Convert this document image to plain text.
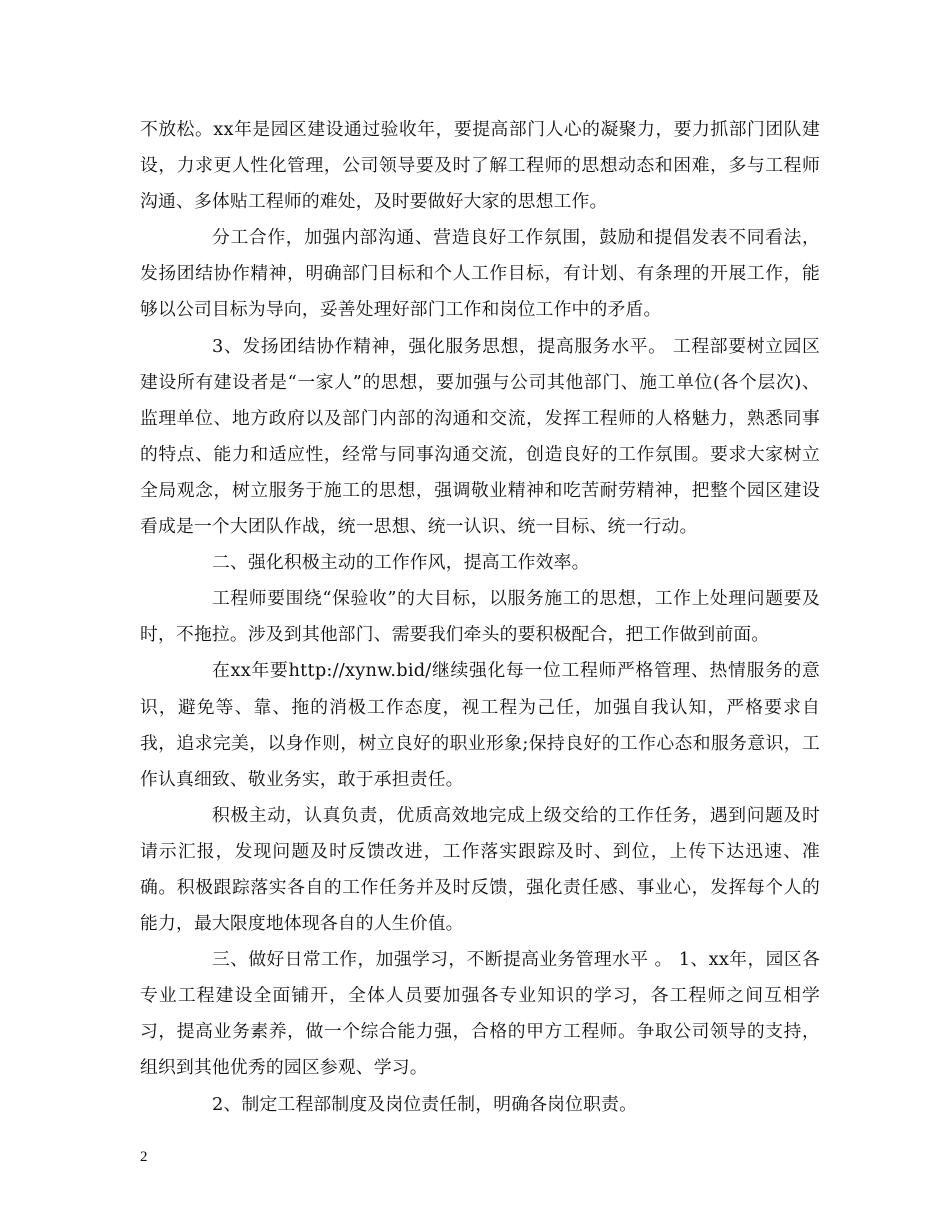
不放松。xx年是园区建设通过验收年，要提高部门人心的凝聚力，要力抓部门团队建设，力求更人性化管理，公司领导要及时了解工程师的思想动态和困难，多与工程师沟通、多体贴工程师的难处，及时要做好大家的思想工作。

分工合作，加强内部沟通、营造良好工作氛围，鼓励和提倡发表不同看法，发扬团结协作精神，明确部门目标和个人工作目标，有计划、有条理的开展工作，能够以公司目标为导向，妥善处理好部门工作和岗位工作中的矛盾。

3、发扬团结协作精神，强化服务思想，提高服务水平。 工程部要树立园区建设所有建设者是“一家人”的思想，要加强与公司其他部门、施工单位(各个层次)、监理单位、地方政府以及部门内部的沟通和交流，发挥工程师的人格魅力，熟悉同事的特点、能力和适应性，经常与同事沟通交流，创造良好的工作氛围。要求大家树立全局观念，树立服务于施工的思想，强调敬业精神和吃苦耐劳精神，把整个园区建设看成是一个大团队作战，统一思想、统一认识、统一目标、统一行动。

二、强化积极主动的工作作风，提高工作效率。

工程师要围绕“保验收”的大目标，以服务施工的思想，工作上处理问题要及时，不拖拉。涉及到其他部门、需要我们牵头的要积极配合，把工作做到前面。

在xx年要http://xynw.bid/继续强化每一位工程师严格管理、热情服务的意识，避免等、靠、拖的消极工作态度，视工程为己任，加强自我认知，严格要求自我，追求完美，以身作则，树立良好的职业形象;保持良好的工作心态和服务意识，工作认真细致、敬业务实，敢于承担责任。

积极主动，认真负责，优质高效地完成上级交给的工作任务，遇到问题及时请示汇报，发现问题及时反馈改进，工作落实跟踪及时、到位，上传下达迅速、准确。积极跟踪落实各自的工作任务并及时反馈，强化责任感、事业心，发挥每个人的能力，最大限度地体现各自的人生价值。

三、做好日常工作，加强学习，不断提高业务管理水平 。 1、xx年，园区各专业工程建设全面铺开，全体人员要加强各专业知识的学习，各工程师之间互相学习，提高业务素养，做一个综合能力强，合格的甲方工程师。争取公司领导的支持，组织到其他优秀的园区参观、学习。

2、制定工程部制度及岗位责任制，明确各岗位职责。

2
